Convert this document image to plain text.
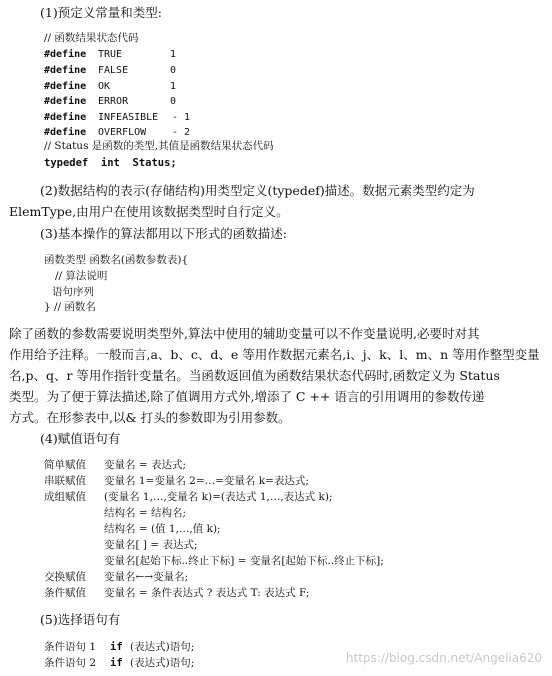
(1)预定义常量和类型:
// 函数结果状态代码
#define TRUE	1
#define FALSE	0
#define OK	1
#define ERROR	0
#define INFEASIBLE - 1
#define OVERFLOW	- 2
// Status 是函数的类型,其值是函数结果状态代码
typedef  int  Status;
(2)数据结构的表示(存储结构)用类型定义(typedef)描述。数据元素类型约定为
ElemType,由用户在使用该数据类型时自行定义。
(3)基本操作的算法都用以下形式的函数描述:
函数类型 函数名(函数参数表){
// 算法说明
语句序列
} // 函数名
除了函数的参数需要说明类型外,算法中使用的辅助变量可以不作变量说明,必要时对其
作用给予注释。一般而言,a、b、c、d、e 等用作数据元素名,i、j、k、l、m、n 等用作整型变量
名,p、q、r 等用作指针变量名。当函数返回值为函数结果状态代码时,函数定义为 Status
类型。为了便于算法描述,除了值调用方式外,增添了 C ++ 语言的引用调用的参数传递
方式。在形参表中,以& 打头的参数即为引用参数。
(4)赋值语句有
简单赋值 变量名 = 表达式;
串联赋值 变量名 1=变量名 2=…=变量名 k=表达式;
成组赋值 (变量名 1,…,变量名 k)=(表达式 1,…,表达式 k);
结构名 = 结构名;
结构名 = (值 1,…,值 k);
变量名[ ] = 表达式;
变量名[起始下标..终止下标] = 变量名[起始下标..终止下标];
交换赋值 变量名←→变量名;
条件赋值 变量名 = 条件表达式 ? 表达式 T: 表达式 F;
(5)选择语句有
条件语句 1 if (表达式)语句;
条件语句 2 if (表达式)语句;	https://blog.csdn.net/Angelia620
